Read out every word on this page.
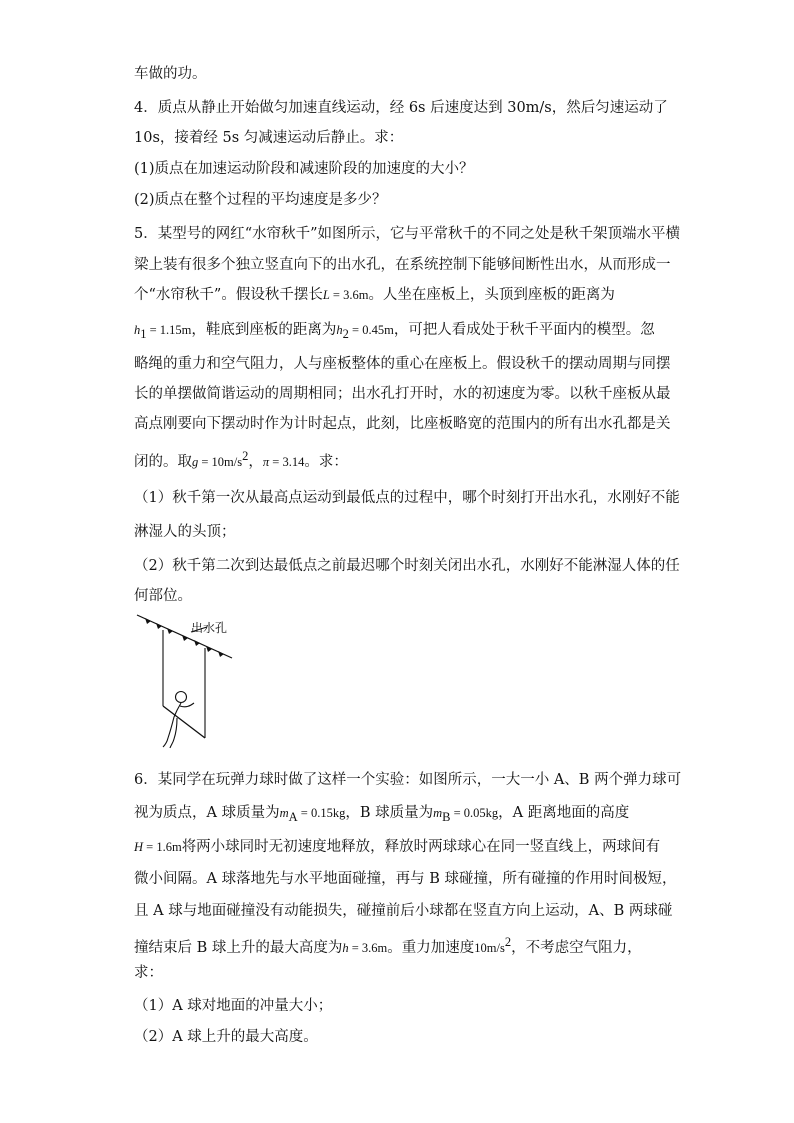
车做的功。
4．质点从静止开始做匀加速直线运动，经 6s 后速度达到 30m/s，然后匀速运动了
10s，接着经 5s 匀减速运动后静止。求：
(1)质点在加速运动阶段和减速阶段的加速度的大小？
(2)质点在整个过程的平均速度是多少？
5．某型号的网红“水帘秋千”如图所示，它与平常秋千的不同之处是秋千架顶端水平横
梁上装有很多个独立竖直向下的出水孔，在系统控制下能够间断性出水，从而形成一
个“水帘秋千”。假设秋千摆长L = 3.6m。人坐在座板上，头顶到座板的距离为
$h_1 = 1.15m$，鞋底到座板的距离为$h_2 = 0.45m$，可把人看成处于秋千平面内的模型。忽
略绳的重力和空气阻力，人与座板整体的重心在座板上。假设秋千的摆动周期与同摆
长的单摆做简谐运动的周期相同；出水孔打开时，水的初速度为零。以秋千座板从最
高点刚要向下摆动时作为计时起点，此刻，比座板略宽的范围内的所有出水孔都是关
闭的。取$g = 10m/s^2$，π = 3.14。求：
（1）秋千第一次从最高点运动到最低点的过程中，哪个时刻打开出水孔，水刚好不能
淋湿人的头顶；
（2）秋千第二次到达最低点之前最迟哪个时刻关闭出水孔，水刚好不能淋湿人体的任
何部位。
出水孔
6．某同学在玩弹力球时做了这样一个实验：如图所示，一大一小 A、B 两个弹力球可
视为质点，A 球质量为$m_A = 0.15kg$，B 球质量为$m_B = 0.05kg$，A 距离地面的高度
H = 1.6m将两小球同时无初速度地释放，释放时两球球心在同一竖直线上，两球间有
微小间隔。A 球落地先与水平地面碰撞，再与 B 球碰撞，所有碰撞的作用时间极短，
且 A 球与地面碰撞没有动能损失，碰撞前后小球都在竖直方向上运动，A、B 两球碰
撞结束后 B 球上升的最大高度为h = 3.6m。重力加速度$10m/s^2$，不考虑空气阻力，
求：
（1）A 球对地面的冲量大小；
（2）A 球上升的最大高度。
